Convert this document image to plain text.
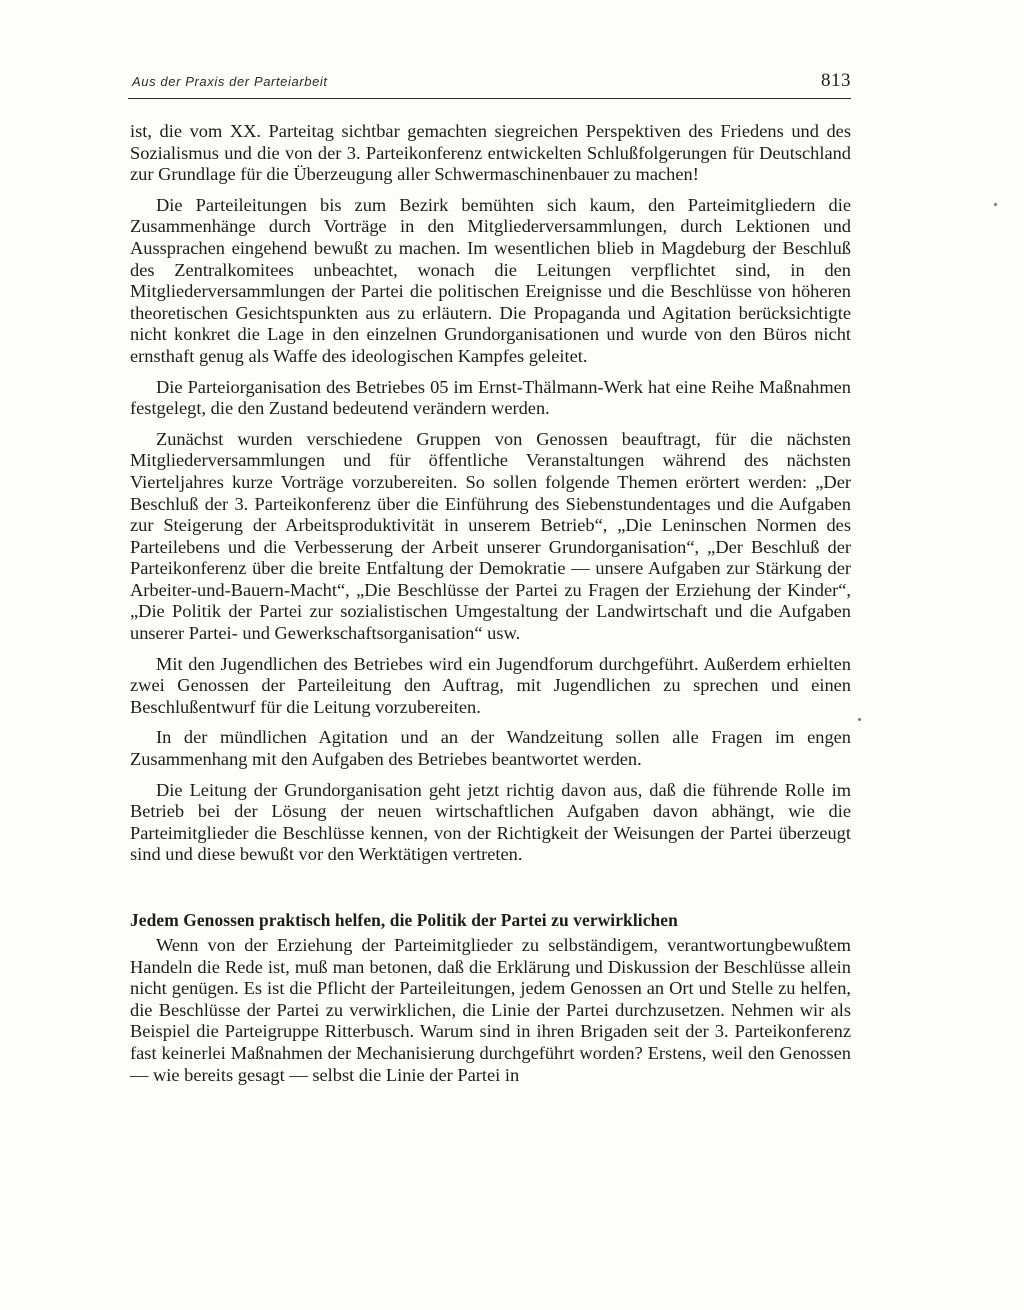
Aus der Praxis der Parteiarbeit	813

ist, die vom XX. Parteitag sichtbar gemachten siegreichen Perspektiven des Friedens und des Sozialismus und die von der 3. Parteikonferenz entwickelten Schlußfolgerungen für Deutschland zur Grundlage für die Überzeugung aller Schwermaschinenbauer zu machen!

Die Parteileitungen bis zum Bezirk bemühten sich kaum, den Parteimitgliedern die Zusammenhänge durch Vorträge in den Mitgliederversammlungen, durch Lektionen und Aussprachen eingehend bewußt zu machen. Im wesentlichen blieb in Magdeburg der Beschluß des Zentralkomitees unbeachtet, wonach die Leitungen verpflichtet sind, in den Mitgliederversammlungen der Partei die politischen Ereignisse und die Beschlüsse von höheren theoretischen Gesichtspunkten aus zu erläutern. Die Propaganda und Agitation berücksichtigte nicht konkret die Lage in den einzelnen Grundorganisationen und wurde von den Büros nicht ernsthaft genug als Waffe des ideologischen Kampfes geleitet.

Die Parteiorganisation des Betriebes 05 im Ernst-Thälmann-Werk hat eine Reihe Maßnahmen festgelegt, die den Zustand bedeutend verändern werden.

Zunächst wurden verschiedene Gruppen von Genossen beauftragt, für die nächsten Mitgliederversammlungen und für öffentliche Veranstaltungen während des nächsten Vierteljahres kurze Vorträge vorzubereiten. So sollen folgende Themen erörtert werden: „Der Beschluß der 3. Parteikonferenz über die Einführung des Siebenstundentages und die Aufgaben zur Steigerung der Arbeitsproduktivität in unserem Betrieb“, „Die Leninschen Normen des Parteilebens und die Verbesserung der Arbeit unserer Grundorganisation“, „Der Beschluß der Parteikonferenz über die breite Entfaltung der Demokratie — unsere Aufgaben zur Stärkung der Arbeiter-und-Bauern-Macht“, „Die Beschlüsse der Partei zu Fragen der Erziehung der Kinder“, „Die Politik der Partei zur sozialistischen Umgestaltung der Landwirtschaft und die Aufgaben unserer Partei- und Gewerkschaftsorganisation“ usw.

Mit den Jugendlichen des Betriebes wird ein Jugendforum durchgeführt. Außerdem erhielten zwei Genossen der Parteileitung den Auftrag, mit Jugendlichen zu sprechen und einen Beschlußentwurf für die Leitung vorzubereiten.

In der mündlichen Agitation und an der Wandzeitung sollen alle Fragen im engen Zusammenhang mit den Aufgaben des Betriebes beantwortet werden.

Die Leitung der Grundorganisation geht jetzt richtig davon aus, daß die führende Rolle im Betrieb bei der Lösung der neuen wirtschaftlichen Aufgaben davon abhängt, wie die Parteimitglieder die Beschlüsse kennen, von der Richtigkeit der Weisungen der Partei überzeugt sind und diese bewußt vor den Werktätigen vertreten.

Jedem Genossen praktisch helfen, die Politik der Partei zu verwirklichen

Wenn von der Erziehung der Parteimitglieder zu selbständigem, verantwortungbewußtem Handeln die Rede ist, muß man betonen, daß die Erklärung und Diskussion der Beschlüsse allein nicht genügen. Es ist die Pflicht der Parteileitungen, jedem Genossen an Ort und Stelle zu helfen, die Beschlüsse der Partei zu verwirklichen, die Linie der Partei durchzusetzen. Nehmen wir als Beispiel die Parteigruppe Ritterbusch. Warum sind in ihren Brigaden seit der 3. Parteikonferenz fast keinerlei Maßnahmen der Mechanisierung durchgeführt worden? Erstens, weil den Genossen — wie bereits gesagt — selbst die Linie der Partei in
